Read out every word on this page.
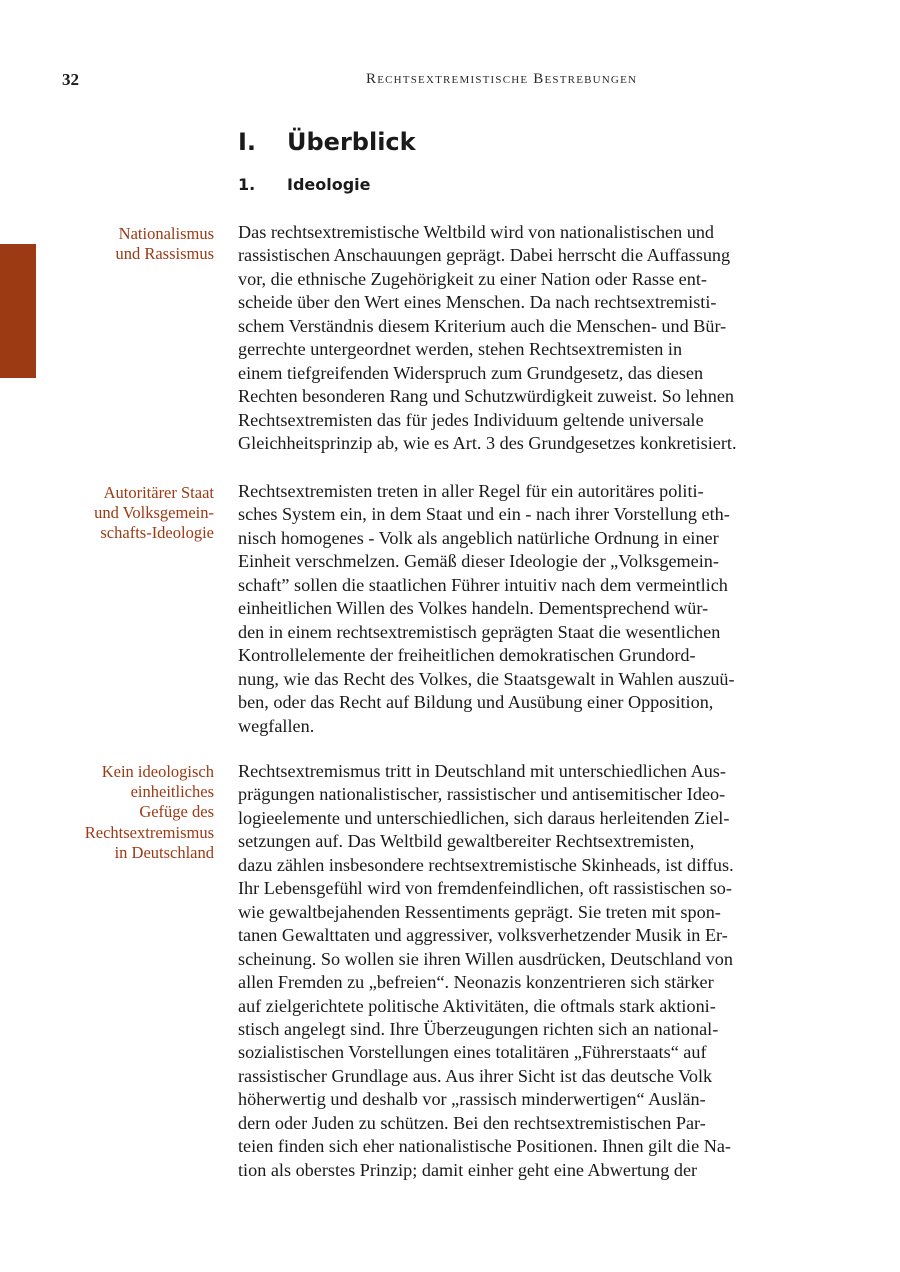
32	Rechtsextremistische Bestrebungen
I.	Überblick
1.	Ideologie
Nationalismus
und Rassismus
Das rechtsextremistische Weltbild wird von nationalistischen und
rassistischen Anschauungen geprägt. Dabei herrscht die Auffassung
vor, die ethnische Zugehörigkeit zu einer Nation oder Rasse ent-
scheide über den Wert eines Menschen. Da nach rechtsextremisti-
schem Verständnis diesem Kriterium auch die Menschen- und Bür-
gerrechte untergeordnet werden, stehen Rechtsextremisten in
einem tiefgreifenden Widerspruch zum Grundgesetz, das diesen
Rechten besonderen Rang und Schutzwürdigkeit zuweist. So lehnen
Rechtsextremisten das für jedes Individuum geltende universale
Gleichheitsprinzip ab, wie es Art. 3 des Grundgesetzes konkretisiert.
Autoritärer Staat
und Volksgemein-
schafts-Ideologie
Rechtsextremisten treten in aller Regel für ein autoritäres politi-
sches System ein, in dem Staat und ein - nach ihrer Vorstellung eth-
nisch homogenes - Volk als angeblich natürliche Ordnung in einer
Einheit verschmelzen. Gemäß dieser Ideologie der „Volksgemein-
schaft” sollen die staatlichen Führer intuitiv nach dem vermeintlich
einheitlichen Willen des Volkes handeln. Dementsprechend wür-
den in einem rechtsextremistisch geprägten Staat die wesentlichen
Kontrollelemente der freiheitlichen demokratischen Grundord-
nung, wie das Recht des Volkes, die Staatsgewalt in Wahlen auszuü-
ben, oder das Recht auf Bildung und Ausübung einer Opposition,
wegfallen.
Kein ideologisch
einheitliches
Gefüge des
Rechtsextremismus
in Deutschland
Rechtsextremismus tritt in Deutschland mit unterschiedlichen Aus-
prägungen nationalistischer, rassistischer und antisemitischer Ideo-
logieelemente und unterschiedlichen, sich daraus herleitenden Ziel-
setzungen auf. Das Weltbild gewaltbereiter Rechtsextremisten,
dazu zählen insbesondere rechtsextremistische Skinheads, ist diffus.
Ihr Lebensgefühl wird von fremdenfeindlichen, oft rassistischen so-
wie gewaltbejahenden Ressentiments geprägt. Sie treten mit spon-
tanen Gewalttaten und aggressiver, volksverhetzender Musik in Er-
scheinung. So wollen sie ihren Willen ausdrücken, Deutschland von
allen Fremden zu „befreien“. Neonazis konzentrieren sich stärker
auf zielgerichtete politische Aktivitäten, die oftmals stark aktioni-
stisch angelegt sind. Ihre Überzeugungen richten sich an national-
sozialistischen Vorstellungen eines totalitären „Führerstaats“ auf
rassistischer Grundlage aus. Aus ihrer Sicht ist das deutsche Volk
höherwertig und deshalb vor „rassisch minderwertigen“ Auslän-
dern oder Juden zu schützen. Bei den rechtsextremistischen Par-
teien finden sich eher nationalistische Positionen. Ihnen gilt die Na-
tion als oberstes Prinzip; damit einher geht eine Abwertung der
